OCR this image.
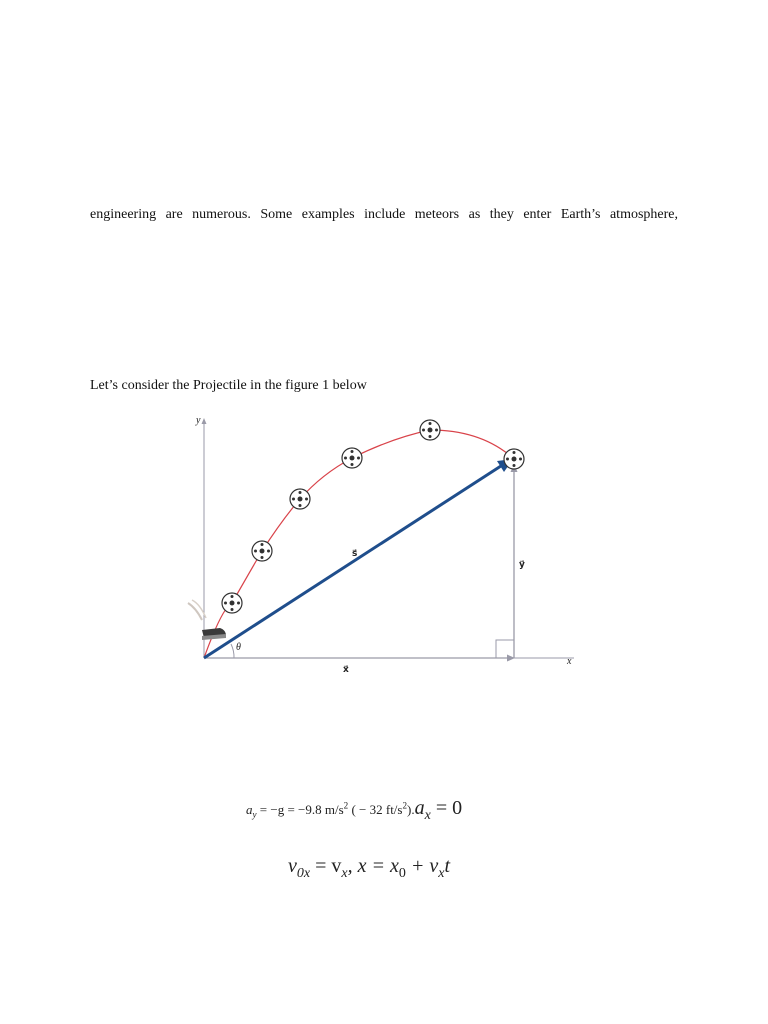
engineering are numerous. Some examples include meteors as they enter Earth’s atmosphere,
Let’s consider the Projectile in the figure 1 below
y
x
y⃗
x⃗
θ
s⃗
$a_y = -g = -9.8$ $m/s^2$ ( − 32 $ft/s^2).a_x = 0$
$v_{0x} = v_x$, $x = x_0 + v_xt$
